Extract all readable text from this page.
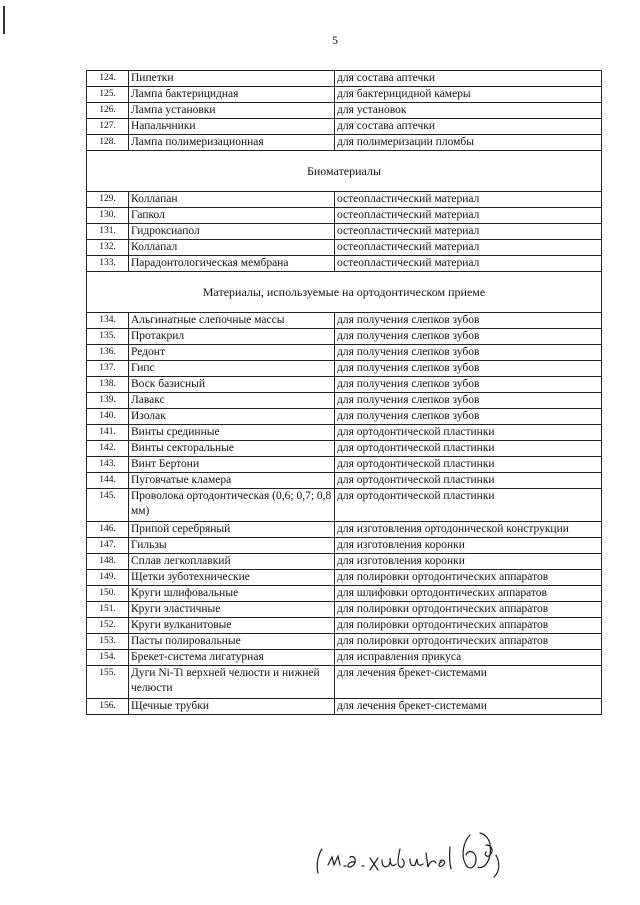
5
124.	Пипетки	для состава аптечки
125.	Лампа бактерицидная	для бактерицидной камеры
126.	Лампа установки	для установок
127.	Напальчники	для состава аптечки
128.	Лампа полимеризационная	для полимеризации пломбы
Биоматериалы		
129.	Коллапан	остеопластический материал
130.	Гапкол	остеопластический материал
131.	Гидроксиапол	остеопластический материал
132.	Коллапал	остеопластический материал
133.	Парадонтологическая мембрана	остеопластический материал
Материалы, используемые на ортодонтическом приеме		
134.	Альгинатные слепочные массы	для получения слепков зубов
135.	Протакрил	для получения слепков зубов
136.	Редонт	для получения слепков зубов
137.	Гипс	для получения слепков зубов
138.	Воск базисный	для получения слепков зубов
139.	Лавакс	для получения слепков зубов
140.	Изолак	для получения слепков зубов
141.	Винты срединные	для ортодонтической пластинки
142.	Винты секторальные	для ортодонтической пластинки
143.	Винт Бертони	для ортодонтической пластинки
144.	Пуговчатые кламера	для ортодонтической пластинки
145.	Проволока ортодонтическая (0,6; 0,7; 0,8 мм)	для ортодонтической пластинки
146.	Припой серебряный	для изготовления ортодонической конструкции
147.	Гильзы	для изготовления коронки
148.	Сплав легкоплавкий	для изготовления коронки
149.	Щетки зуботехнические	для полировки ортодонтических аппаратов
150.	Круги шлифовальные	для шлифовки ортодонтических аппаратов
151.	Круги эластичные	для полировки ортодонтических аппаратов
152.	Круги вулканитовые	для полировки ортодонтических аппаратов
153.	Пасты полировальные	для полировки ортодонтических аппаратов
154.	Брекет-система лигатурная	для исправления прикуса
155.	Дуги Ni-Ti верхней челюсти и нижней челюсти	для лечения брекет-системами
156.	Щечные трубки	для лечения брекет-системами
